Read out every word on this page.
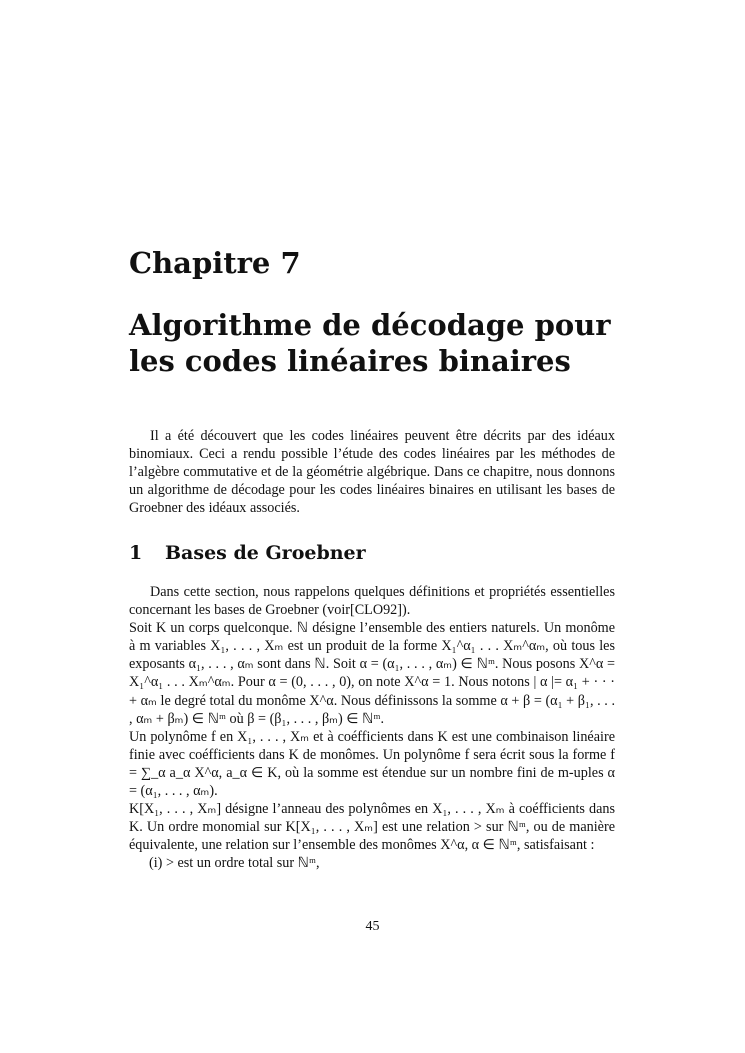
Chapitre 7
Algorithme de décodage pour
les codes linéaires binaires

Il a été découvert que les codes linéaires peuvent être décrits par des idéaux binomiaux. Ceci a rendu possible l’étude des codes linéaires par les méthodes de l’algèbre commutative et de la géométrie algébrique. Dans ce chapitre, nous donnons un algorithme de décodage pour les codes linéaires binaires en utilisant les bases de Groebner des idéaux associés.

1 Bases de Groebner

Dans cette section, nous rappelons quelques définitions et propriétés essentielles concernant les bases de Groebner (voir[CLO92]).

Soit K un corps quelconque. ℕ désigne l’ensemble des entiers naturels. Un monôme à m variables X₁, . . . , Xₘ est un produit de la forme X₁^α₁ . . . Xₘ^αₘ, où tous les exposants α₁, . . . , αₘ sont dans ℕ. Soit α = (α₁, . . . , αₘ) ∈ ℕᵐ. Nous posons X^α = X₁^α₁ . . . Xₘ^αₘ. Pour α = (0, . . . , 0), on note X^α = 1. Nous notons | α |= α₁ + · · · + αₘ le degré total du monôme X^α. Nous définissons la somme α + β = (α₁ + β₁, . . . , αₘ + βₘ) ∈ ℕᵐ où β = (β₁, . . . , βₘ) ∈ ℕᵐ.

Un polynôme f en X₁, . . . , Xₘ et à coéfficients dans K est une combinaison linéaire finie avec coéfficients dans K de monômes. Un polynôme f sera écrit sous la forme f = ∑_α a_α X^α, a_α ∈ K, où la somme est étendue sur un nombre fini de m-uples α = (α₁, . . . , αₘ).

K[X₁, . . . , Xₘ] désigne l’anneau des polynômes en X₁, . . . , Xₘ à coéfficients dans K. Un ordre monomial sur K[X₁, . . . , Xₘ] est une relation > sur ℕᵐ, ou de manière équivalente, une relation sur l’ensemble des monômes X^α, α ∈ ℕᵐ, satisfaisant :

(i) > est un ordre total sur ℕᵐ,

45
